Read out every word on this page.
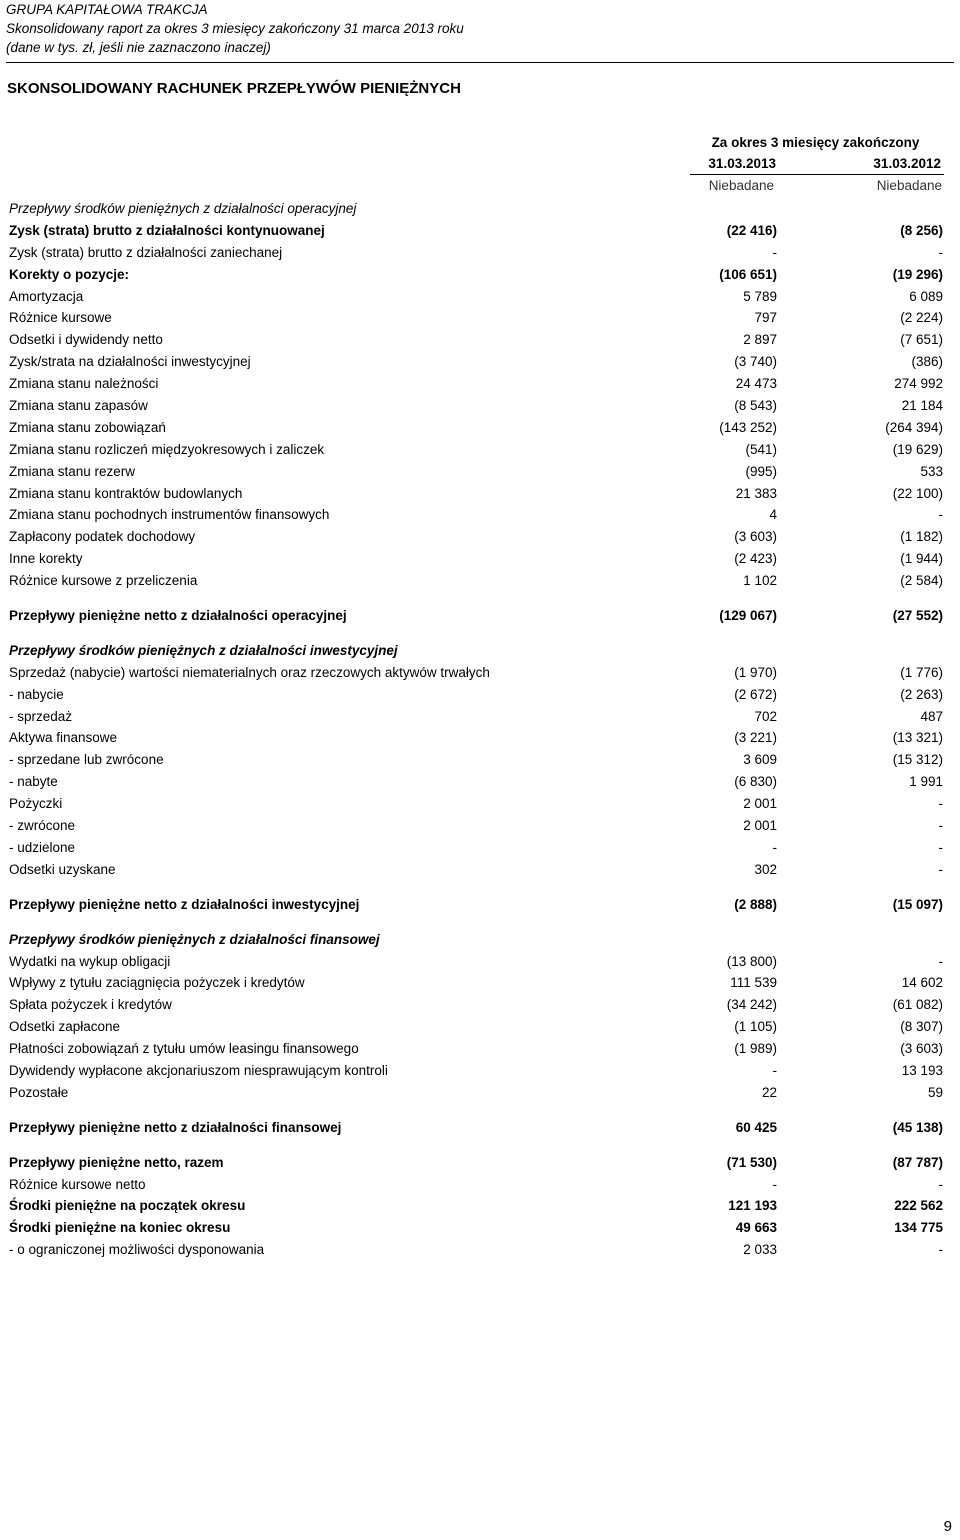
GRUPA KAPITAŁOWA TRAKCJA
Skonsolidowany raport za okres 3 miesięcy zakończony 31 marca 2013 roku
(dane w tys. zł, jeśli nie zaznaczono inaczej)
SKONSOLIDOWANY RACHUNEK PRZEPŁYWÓW PIENIĘŻNYCH
Za okres 3 miesięcy zakończony
31.03.2013	31.03.2012
Niebadane	Niebadane
Przepływy środków pieniężnych z działalności operacyjnej
Zysk (strata) brutto z działalności kontynuowanej	(22 416)	(8 256)
Zysk (strata) brutto z działalności zaniechanej	-	-
Korekty o pozycje:	(106 651)	(19 296)
Amortyzacja	5 789	6 089
Różnice kursowe	797	(2 224)
Odsetki i dywidendy netto	2 897	(7 651)
Zysk/strata na działalności inwestycyjnej	(3 740)	(386)
Zmiana stanu należności	24 473	274 992
Zmiana stanu zapasów	(8 543)	21 184
Zmiana stanu zobowiązań	(143 252)	(264 394)
Zmiana stanu rozliczeń międzyokresowych i zaliczek	(541)	(19 629)
Zmiana stanu rezerw	(995)	533
Zmiana stanu kontraktów budowlanych	21 383	(22 100)
Zmiana stanu pochodnych instrumentów finansowych	4	-
Zapłacony podatek dochodowy	(3 603)	(1 182)
Inne korekty	(2 423)	(1 944)
Różnice kursowe z przeliczenia	1 102	(2 584)
Przepływy pieniężne netto z działalności operacyjnej	(129 067)	(27 552)
Przepływy środków pieniężnych z działalności inwestycyjnej
Sprzedaż (nabycie) wartości niematerialnych oraz rzeczowych aktywów trwałych	(1 970)	(1 776)
- nabycie	(2 672)	(2 263)
- sprzedaż	702	487
Aktywa finansowe	(3 221)	(13 321)
- sprzedane lub zwrócone	3 609	(15 312)
- nabyte	(6 830)	1 991
Pożyczki	2 001	-
- zwrócone	2 001	-
- udzielone	-	-
Odsetki uzyskane	302	-
Przepływy pieniężne netto z działalności inwestycyjnej	(2 888)	(15 097)
Przepływy środków pieniężnych z działalności finansowej
Wydatki na wykup obligacji	(13 800)	-
Wpływy z tytułu zaciągnięcia pożyczek i kredytów	111 539	14 602
Spłata pożyczek i kredytów	(34 242)	(61 082)
Odsetki zapłacone	(1 105)	(8 307)
Płatności zobowiązań z tytułu umów leasingu finansowego	(1 989)	(3 603)
Dywidendy wypłacone akcjonariuszom niesprawującym kontroli	-	13 193
Pozostałe	22	59
Przepływy pieniężne netto z działalności finansowej	60 425	(45 138)
Przepływy pieniężne netto, razem	(71 530)	(87 787)
Różnice kursowe netto	-	-
Środki pieniężne na początek okresu	121 193	222 562
Środki pieniężne na koniec okresu	49 663	134 775
- o ograniczonej możliwości dysponowania	2 033	-
9
